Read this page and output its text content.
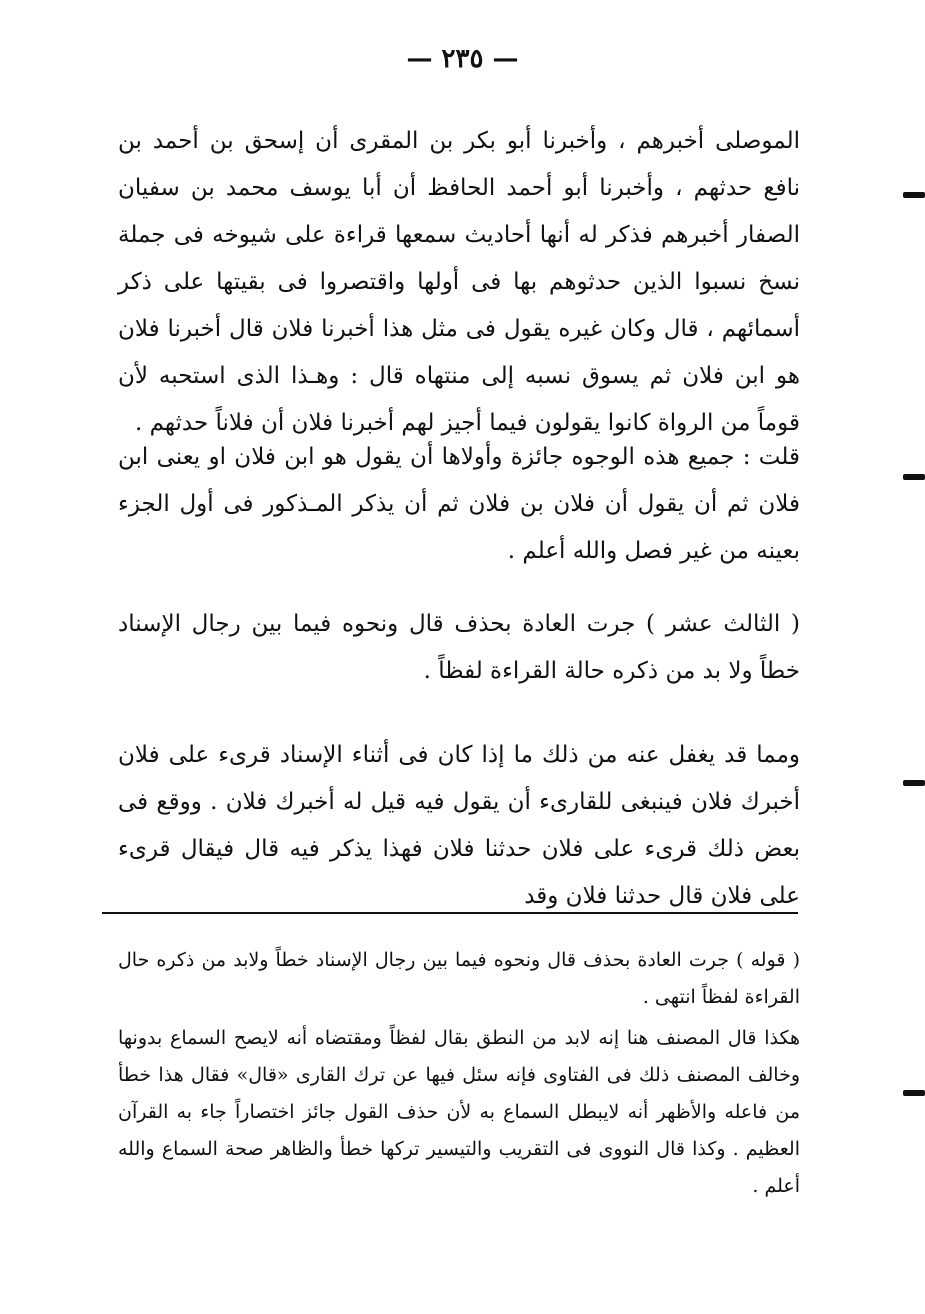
— ٢٣٥ —

الموصلى أخبرهم ، وأخبرنا أبو بكر بن المقرى أن إسحق بن أحمد بن نافع حدثهم ، وأخبرنا أبو أحمد الحافظ أن أبا يوسف محمد بن سفيان الصفار أخبرهم فذكر له أنها أحاديث سمعها قراءة على شيوخه فى جملة نسخ نسبوا الذين حدثوهم بها فى أولها واقتصروا فى بقيتها على ذكر أسمائهم ، قال وكان غيره يقول فى مثل هذا أخبرنا فلان قال أخبرنا فلان هو ابن فلان ثم يسوق نسبه إلى منتهاه قال : وهـذا الذى استحبه لأن قوماً من الرواة كانوا يقولون فيما أجيز لهم أخبرنا فلان أن فلاناً حدثهم .

قلت : جميع هذه الوجوه جائزة وأولاها أن يقول هو ابن فلان او يعنى ابن فلان ثم أن يقول أن فلان بن فلان ثم أن يذكر المـذكور فى أول الجزء بعينه من غير فصل والله أعلم .

( الثالث عشر ) جرت العادة بحذف قال ونحوه فيما بين رجال الإسناد خطاً ولا بد من ذكره حالة القراءة لفظاً .

ومما قد يغفل عنه من ذلك ما إذا كان فى أثناء الإسناد قرىء على فلان أخبرك فلان فينبغى للقارىء أن يقول فيه قيل له أخبرك فلان . ووقع فى بعض ذلك قرىء على فلان حدثنا فلان فهذا يذكر فيه قال فيقال قرىء على فلان قال حدثنا فلان وقد

( قوله ) جرت العادة بحذف قال ونحوه فيما بين رجال الإسناد خطاً ولابد من ذكره حال القراءة لفظاً انتهى .

هكذا قال المصنف هنا إنه لابد من النطق بقال لفظاً ومقتضاه أنه لايصح السماع بدونها وخالف المصنف ذلك فى الفتاوى فإنه سئل فيها عن ترك القارى «قال» فقال هذا خطأ من فاعله والأظهر أنه لايبطل السماع به لأن حذف القول جائز اختصاراً جاء به القرآن العظيم . وكذا قال النووى فى التقريب والتيسير تركها خطأ والظاهر صحة السماع والله أعلم .
